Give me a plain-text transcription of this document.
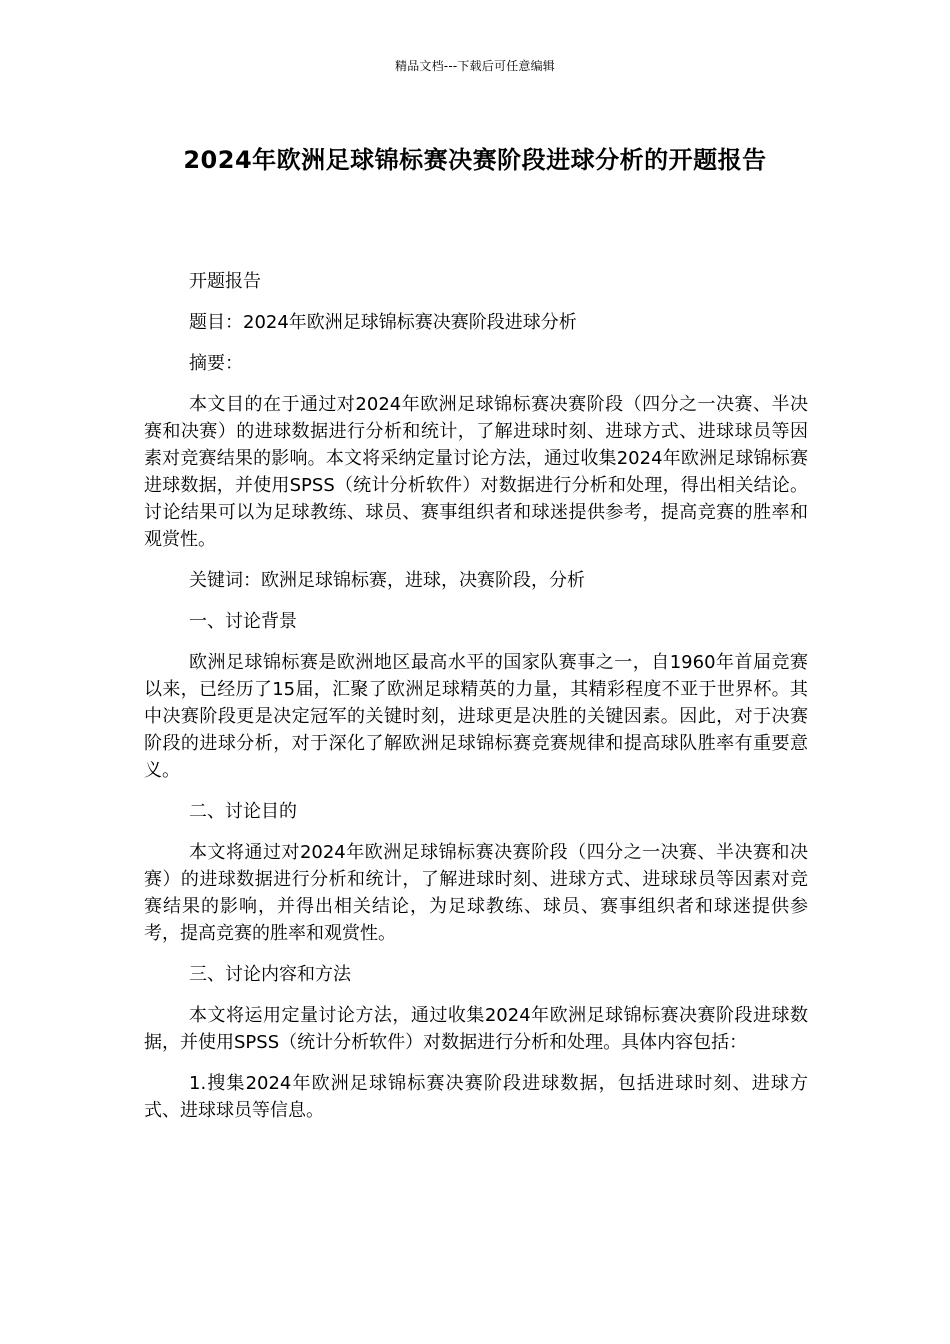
精品文档---下载后可任意编辑
2024年欧洲足球锦标赛决赛阶段进球分析的开题报告

开题报告

题目：2024年欧洲足球锦标赛决赛阶段进球分析

摘要：

本文目的在于通过对2024年欧洲足球锦标赛决赛阶段（四分之一决赛、半决赛和决赛）的进球数据进行分析和统计，了解进球时刻、进球方式、进球球员等因素对竞赛结果的影响。本文将采纳定量讨论方法，通过收集2024年欧洲足球锦标赛进球数据，并使用SPSS（统计分析软件）对数据进行分析和处理，得出相关结论。讨论结果可以为足球教练、球员、赛事组织者和球迷提供参考，提高竞赛的胜率和观赏性。

关键词：欧洲足球锦标赛，进球，决赛阶段，分析

一、讨论背景

欧洲足球锦标赛是欧洲地区最高水平的国家队赛事之一，自1960年首届竞赛以来，已经历了15届，汇聚了欧洲足球精英的力量，其精彩程度不亚于世界杯。其中决赛阶段更是决定冠军的关键时刻，进球更是决胜的关键因素。因此，对于决赛阶段的进球分析，对于深化了解欧洲足球锦标赛竞赛规律和提高球队胜率有重要意义。

二、讨论目的

本文将通过对2024年欧洲足球锦标赛决赛阶段（四分之一决赛、半决赛和决赛）的进球数据进行分析和统计，了解进球时刻、进球方式、进球球员等因素对竞赛结果的影响，并得出相关结论，为足球教练、球员、赛事组织者和球迷提供参考，提高竞赛的胜率和观赏性。

三、讨论内容和方法

本文将运用定量讨论方法，通过收集2024年欧洲足球锦标赛决赛阶段进球数据，并使用SPSS（统计分析软件）对数据进行分析和处理。具体内容包括：

1.搜集2024年欧洲足球锦标赛决赛阶段进球数据，包括进球时刻、进球方式、进球球员等信息。
